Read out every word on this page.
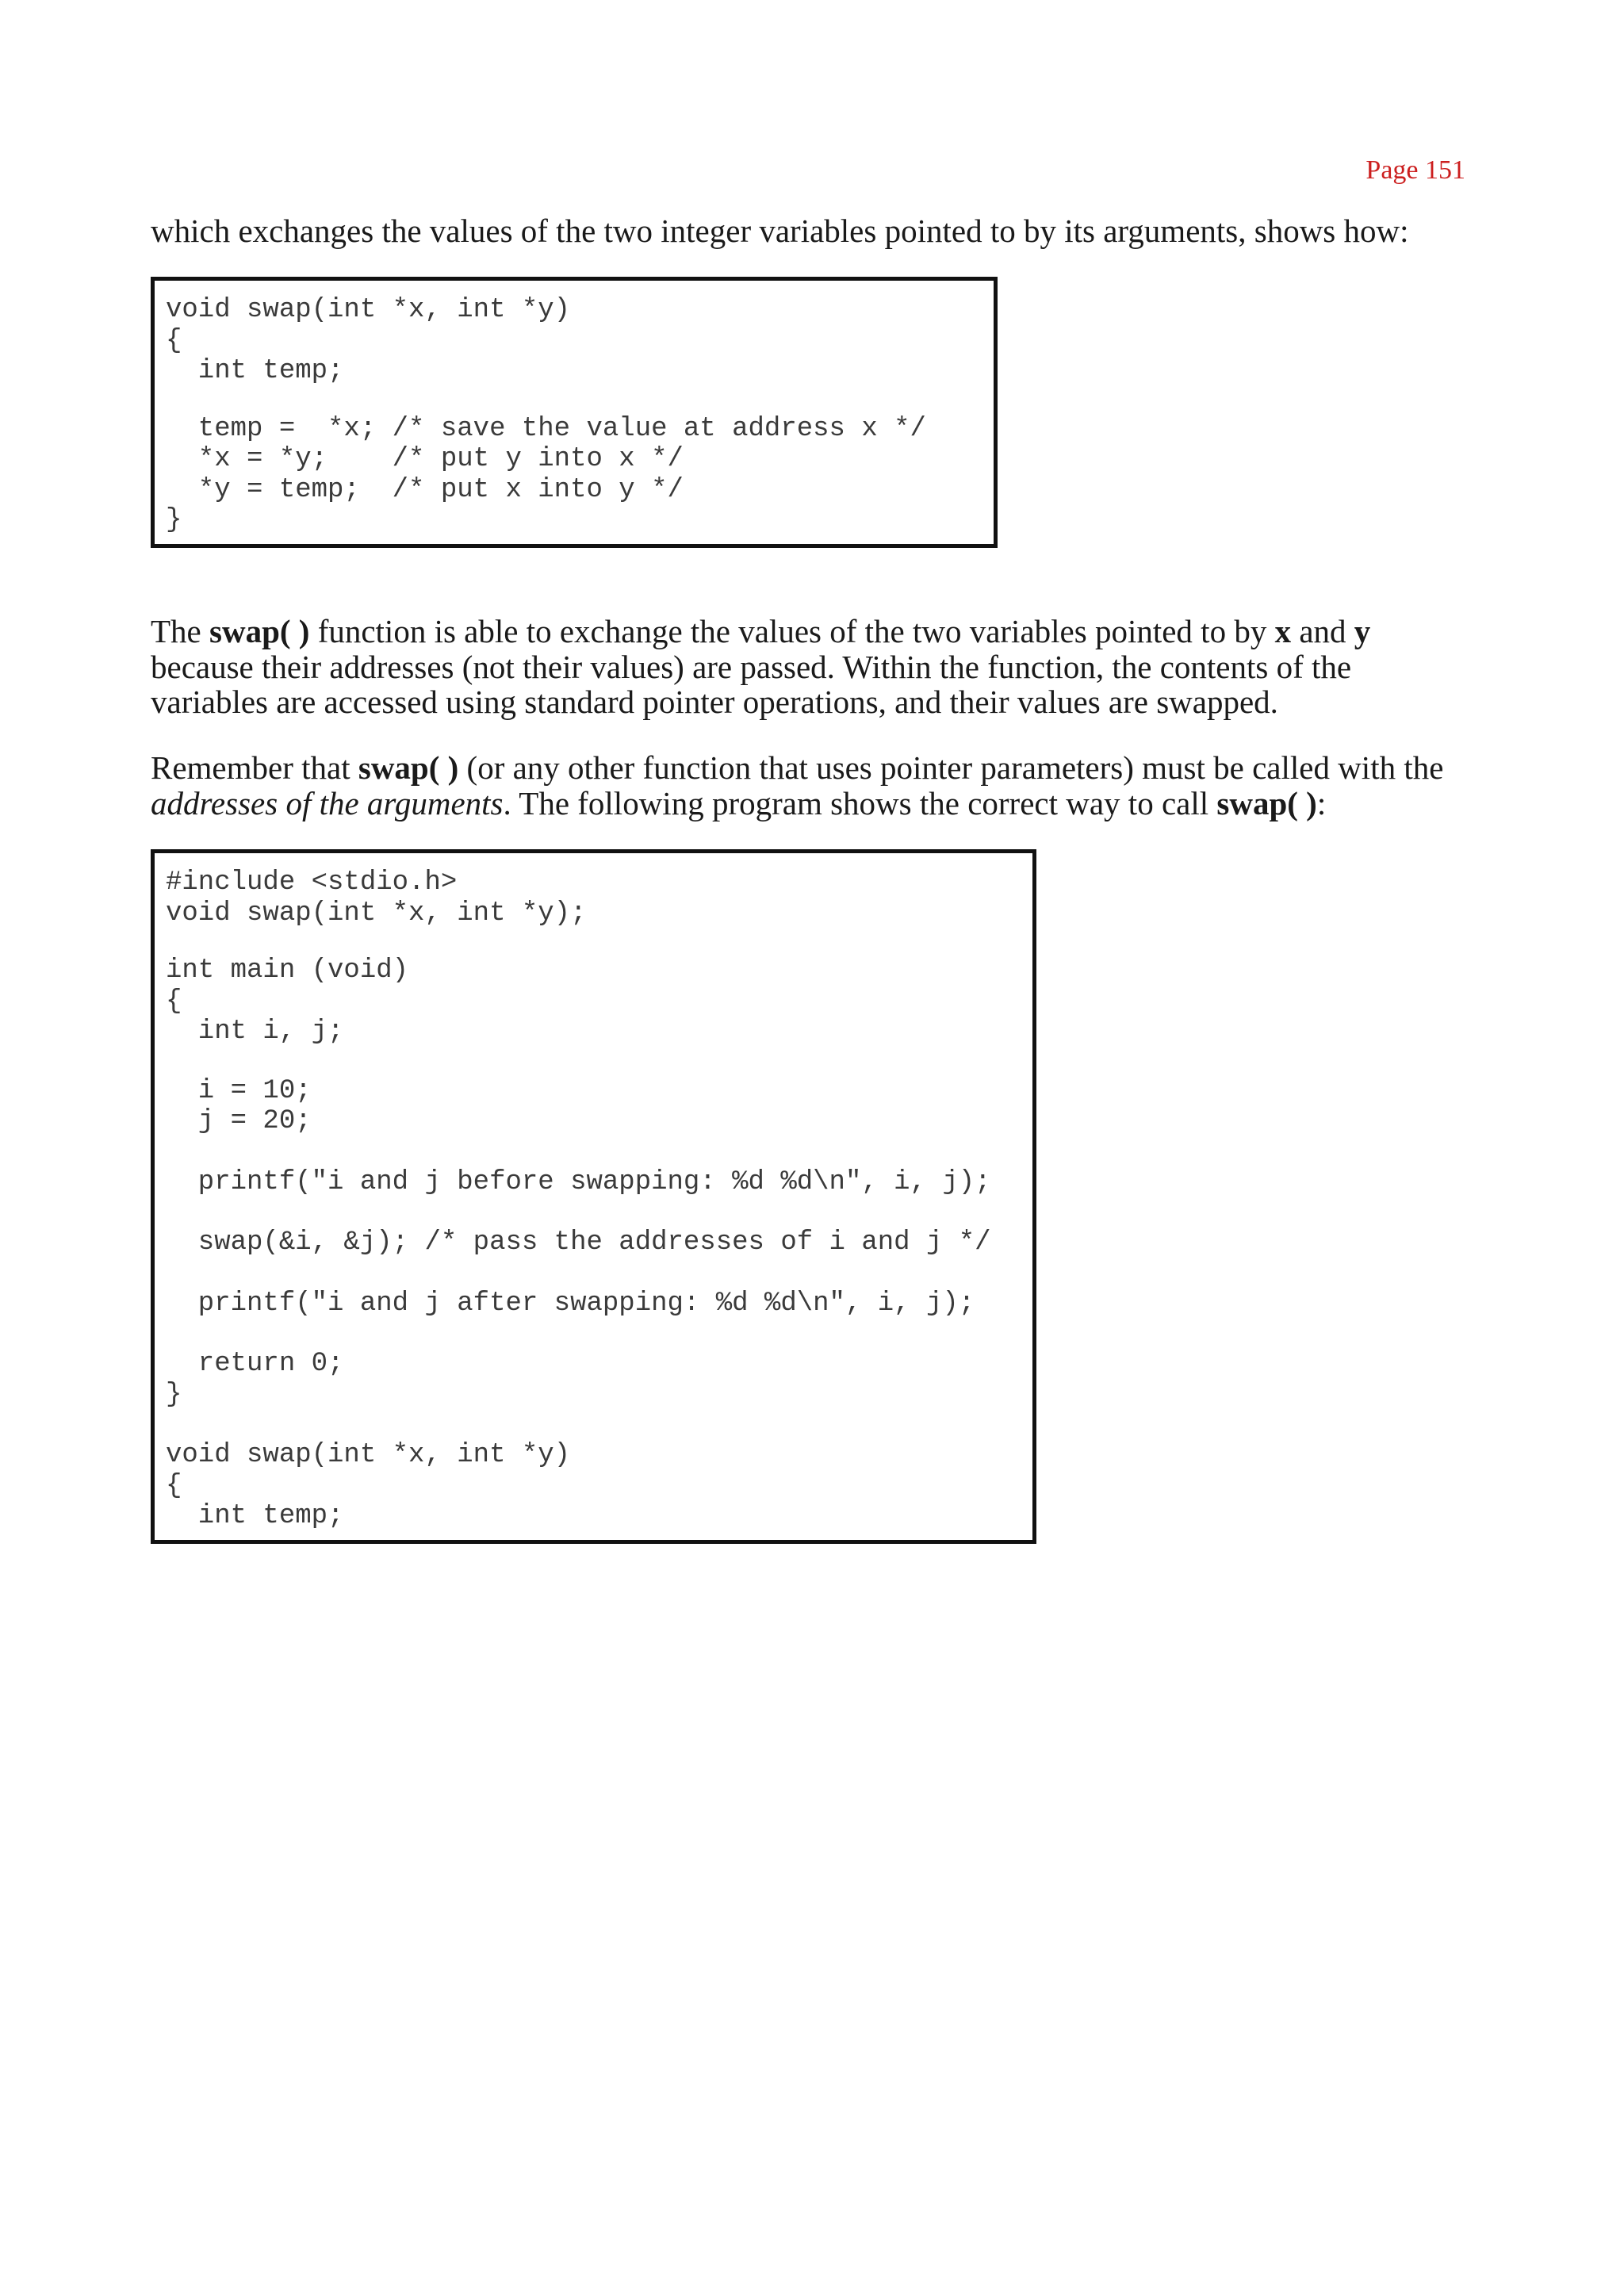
Page 151

which exchanges the values of the two integer variables pointed to by its arguments, shows how:

void swap(int *x, int *y)
{
int temp;
temp =  *x; /* save the value at address x */
*x = *y;    /* put y into x */
*y = temp;  /* put x into y */
}

The swap( ) function is able to exchange the values of the two variables pointed to by x and y

because their addresses (not their values) are passed. Within the function, the contents of the

variables are accessed using standard pointer operations, and their values are swapped.

Remember that swap( ) (or any other function that uses pointer parameters) must be called with the

addresses of the arguments. The following program shows the correct way to call swap( ):

#include <stdio.h>
void swap(int *x, int *y);
int main (void)
{
int i, j;
i = 10;
j = 20;
printf("i and j before swapping: %d %d\n", i, j);
swap(&i, &j); /* pass the addresses of i and j */
printf("i and j after swapping: %d %d\n", i, j);
return 0;
}
void swap(int *x, int *y)
{
int temp;
